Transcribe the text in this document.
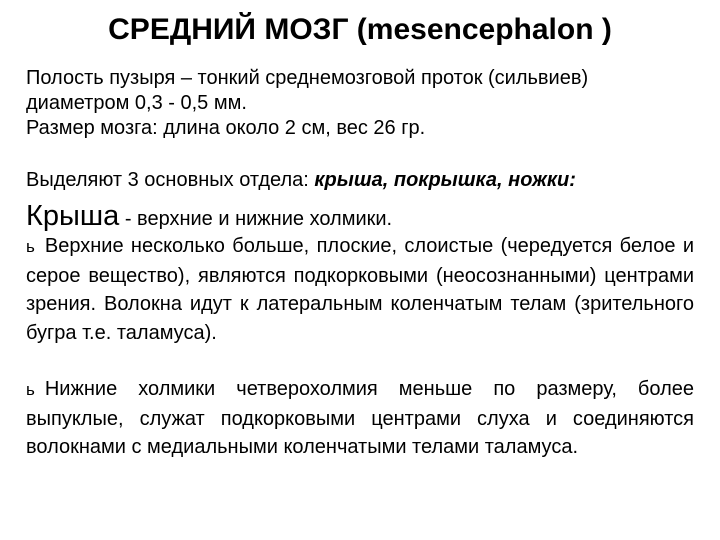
СРЕДНИЙ МОЗГ (mesencephalon )
Полость пузыря – тонкий среднемозговой проток (сильвиев)
диаметром 0,3 - 0,5 мм.
Размер мозга: длина около 2 см, вес 26 гр.
Выделяют 3 основных отдела: крыша, покрышка, ножки:
Крыша - верхние и нижние холмики.
ь Верхние несколько больше, плоские, слоистые (чередуется белое и серое вещество), являются подкорковыми (неосознанными) центрами зрения. Волокна идут к латеральным коленчатым телам (зрительного бугра т.е. таламуса).
ь Нижние холмики четверохолмия меньше по размеру, более выпуклые, служат подкорковыми центрами слуха и соединяются волокнами с медиальными коленчатыми телами таламуса.
